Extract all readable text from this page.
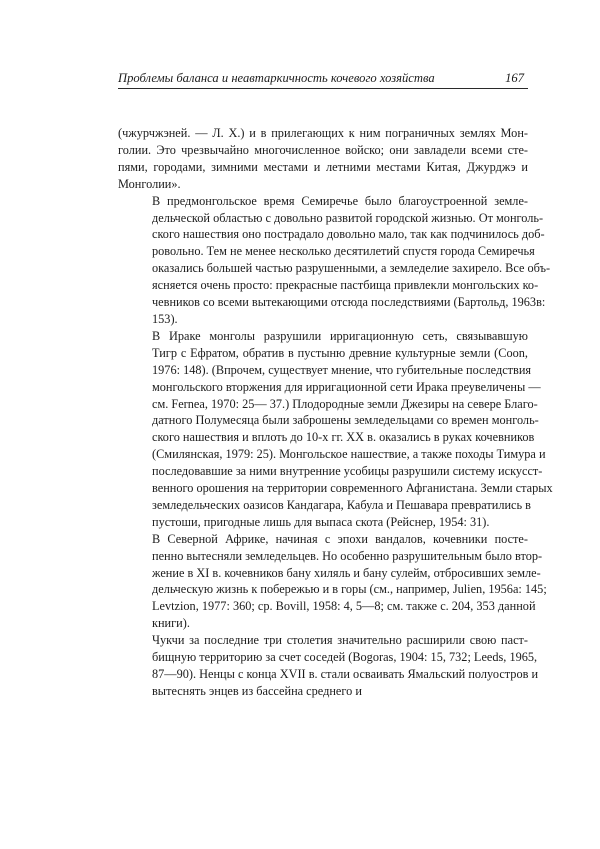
Проблемы баланса и неавтаркичность кочевого хозяйства	167

(чжурчжэней. — Л. Х.) и в прилегающих к ним пограничных землях Мон-
голии. Это чрезвычайно многочисленное войско; они завладели всеми сте-
пями, городами, зимними местами и летними местами Китая, Джурджэ и
Монголии».

В предмонгольское время Семиречье было благоустроенной земле-
дельческой областью с довольно развитой городской жизнью. От монголь-
ского нашествия оно пострадало довольно мало, так как подчинилось доб-
ровольно. Тем не менее несколько десятилетий спустя города Семиречья
оказались большей частью разрушенными, а земледелие захирело. Все объ-
ясняется очень просто: прекрасные пастбища привлекли монгольских ко-
чевников со всеми вытекающими отсюда последствиями (Бартольд, 1963в:
153).

В Ираке монголы разрушили ирригационную сеть, связывавшую
Тигр с Ефратом, обратив в пустыню древние культурные земли (Coon,
1976: 148). (Впрочем, существует мнение, что губительные последствия
монгольского вторжения для ирригационной сети Ирака преувеличены —
см. Fernea, 1970: 25— 37.) Плодородные земли Джезиры на севере Благо-
датного Полумесяца были заброшены земледельцами со времен монголь-
ского нашествия и вплоть до 10-х гг. XX в. оказались в руках кочевников
(Смилянская, 1979: 25). Монгольское нашествие, а также походы Тимура и
последовавшие за ними внутренние усобицы разрушили систему искусст-
венного орошения на территории современного Афганистана. Земли старых
земледельческих оазисов Кандагара, Кабула и Пешавара превратились в
пустоши, пригодные лишь для выпаса скота (Рейснер, 1954: 31).

В Северной Африке, начиная с эпохи вандалов, кочевники посте-
пенно вытесняли земледельцев. Но особенно разрушительным было втор-
жение в XI в. кочевников бану хиляль и бану сулейм, отбросивших земле-
дельческую жизнь к побережью и в горы (см., например, Julien, 1956а: 145;
Levtzion, 1977: 360; ср. Bovill, 1958: 4, 5—8; см. также с. 204, 353 данной
книги).

Чукчи за последние три столетия значительно расширили свою паст-
бищную территорию за счет соседей (Bogoras, 1904: 15, 732; Leeds, 1965,
87—90). Ненцы с конца XVII в. стали осваивать Ямальский полуостров и
вытеснять энцев из бассейна среднего и
